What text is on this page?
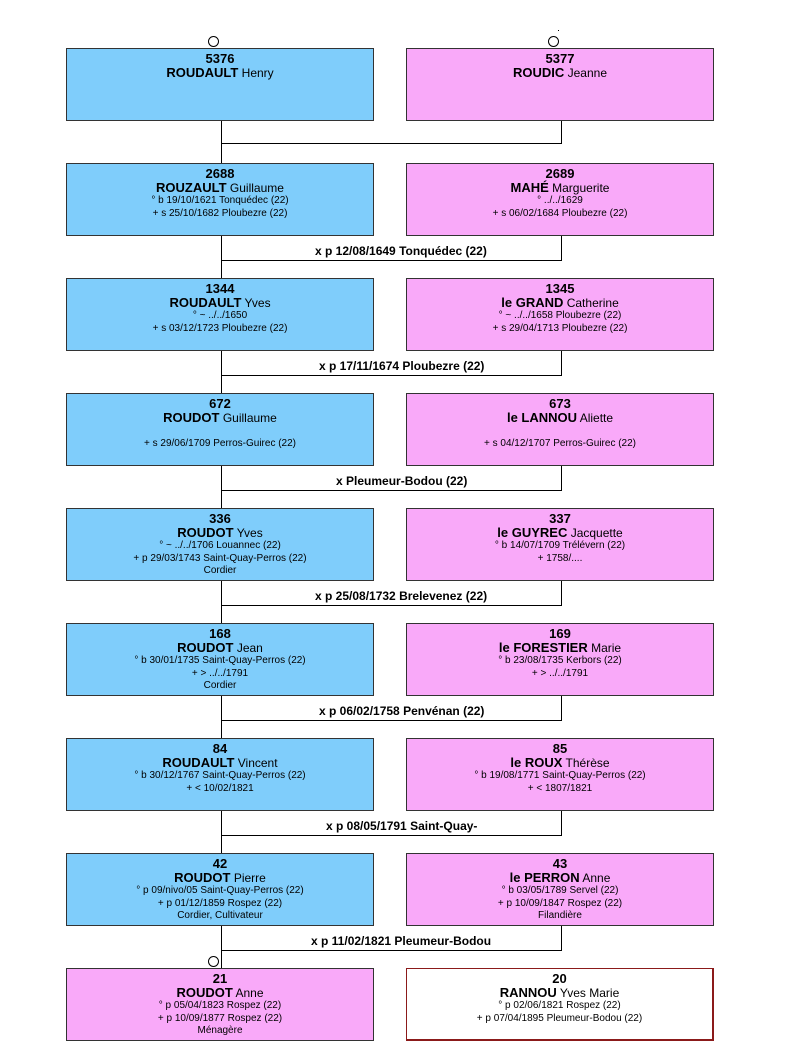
5376
ROUDAULT Henry
5377
ROUDIC Jeanne
2688
ROUZAULT Guillaume
° b 19/10/1621 Tonquédec (22)
+ s 25/10/1682 Ploubezre (22)
2689
MAHÉ Marguerite
° ../../1629
+ s 06/02/1684 Ploubezre (22)
1344
ROUDAULT Yves
° ~ ../../1650
+ s 03/12/1723 Ploubezre (22)
1345
le GRAND Catherine
° ~ ../../1658 Ploubezre (22)
+ s 29/04/1713 Ploubezre (22)
672
ROUDOT Guillaume

+ s 29/06/1709 Perros-Guirec (22)
673
le LANNOU Aliette

+ s 04/12/1707 Perros-Guirec (22)
336
ROUDOT Yves
° ~ ../../1706 Louannec (22)
+ p 29/03/1743 Saint-Quay-Perros (22)
Cordier
337
le GUYREC Jacquette
° b 14/07/1709 Trélévern (22)
+ 1758/....
168
ROUDOT Jean
° b 30/01/1735 Saint-Quay-Perros (22)
+ > ../../1791
Cordier
169
le FORESTIER Marie
° b 23/08/1735 Kerbors (22)
+ > ../../1791
84
ROUDAULT Vincent
° b 30/12/1767 Saint-Quay-Perros (22)
+ < 10/02/1821
85
le ROUX Thérèse
° b 19/08/1771 Saint-Quay-Perros (22)
+ < 1807/1821
42
ROUDOT Pierre
° p 09/nivo/05 Saint-Quay-Perros (22)
+ p 01/12/1859 Rospez (22)
Cordier, Cultivateur
43
le PERRON Anne
° b 03/05/1789 Servel (22)
+ p 10/09/1847 Rospez (22)
Filandière
21
ROUDOT Anne
° p 05/04/1823 Rospez (22)
+ p 10/09/1877 Rospez (22)
Ménagère
20
RANNOU Yves Marie
° p 02/06/1821 Rospez (22)
+ p 07/04/1895 Pleumeur-Bodou (22)
x p 12/08/1649 Tonquédec (22)
x p 17/11/1674 Ploubezre (22)
x Pleumeur-Bodou (22)
x p 25/08/1732 Brelevenez (22)
x p 06/02/1758 Penvénan (22)
x p 08/05/1791 Saint-Quay-
x p 11/02/1821 Pleumeur-Bodou
